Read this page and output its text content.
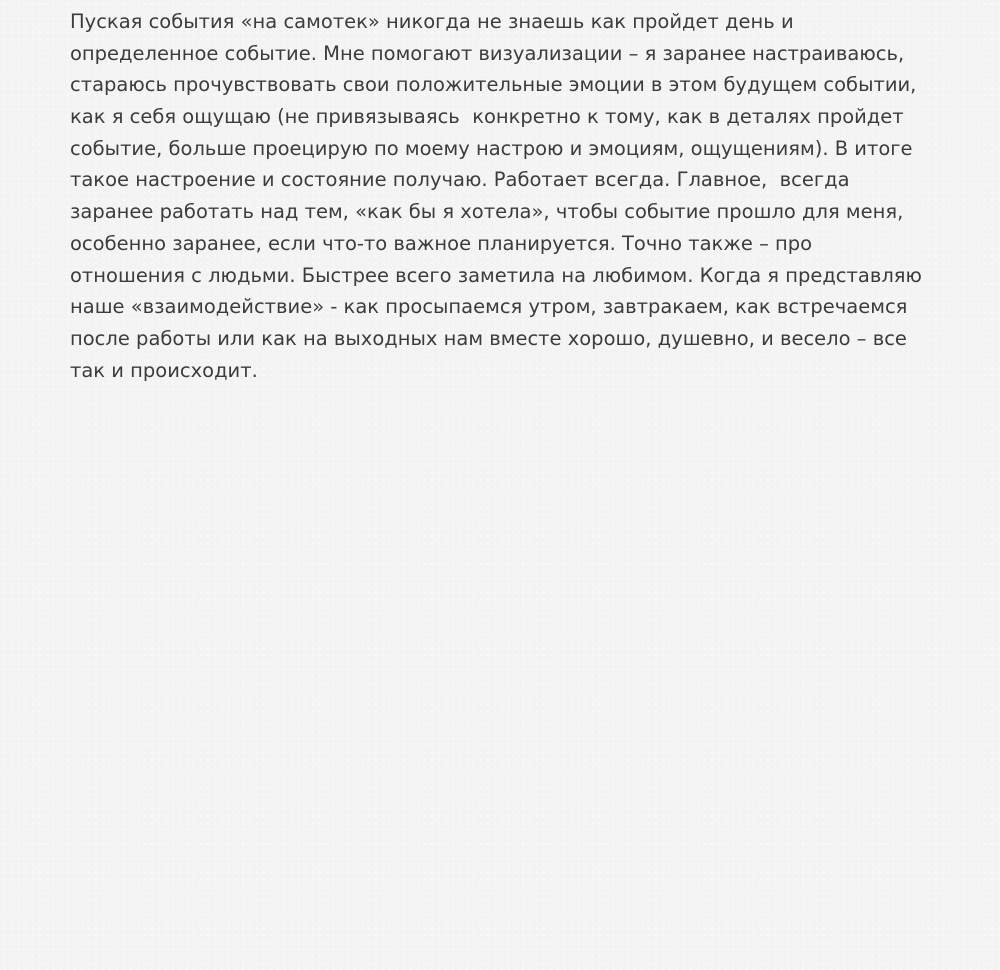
Пуская события «на самотек» никогда не знаешь как пройдет день и
определенное событие. Мне помогают визуализации – я заранее настраиваюсь,
стараюсь прочувствовать свои положительные эмоции в этом будущем событии,
как я себя ощущаю (не привязываясь  конкретно к тому, как в деталях пройдет
событие, больше проецирую по моему настрою и эмоциям, ощущениям). В итоге
такое настроение и состояние получаю. Работает всегда. Главное,  всегда
заранее работать над тем, «как бы я хотела», чтобы событие прошло для меня,
особенно заранее, если что-то важное планируется. Точно также – про
отношения с людьми. Быстрее всего заметила на любимом. Когда я представляю
наше «взаимодействие» - как просыпаемся утром, завтракаем, как встречаемся
после работы или как на выходных нам вместе хорошо, душевно, и весело – все
так и происходит.
